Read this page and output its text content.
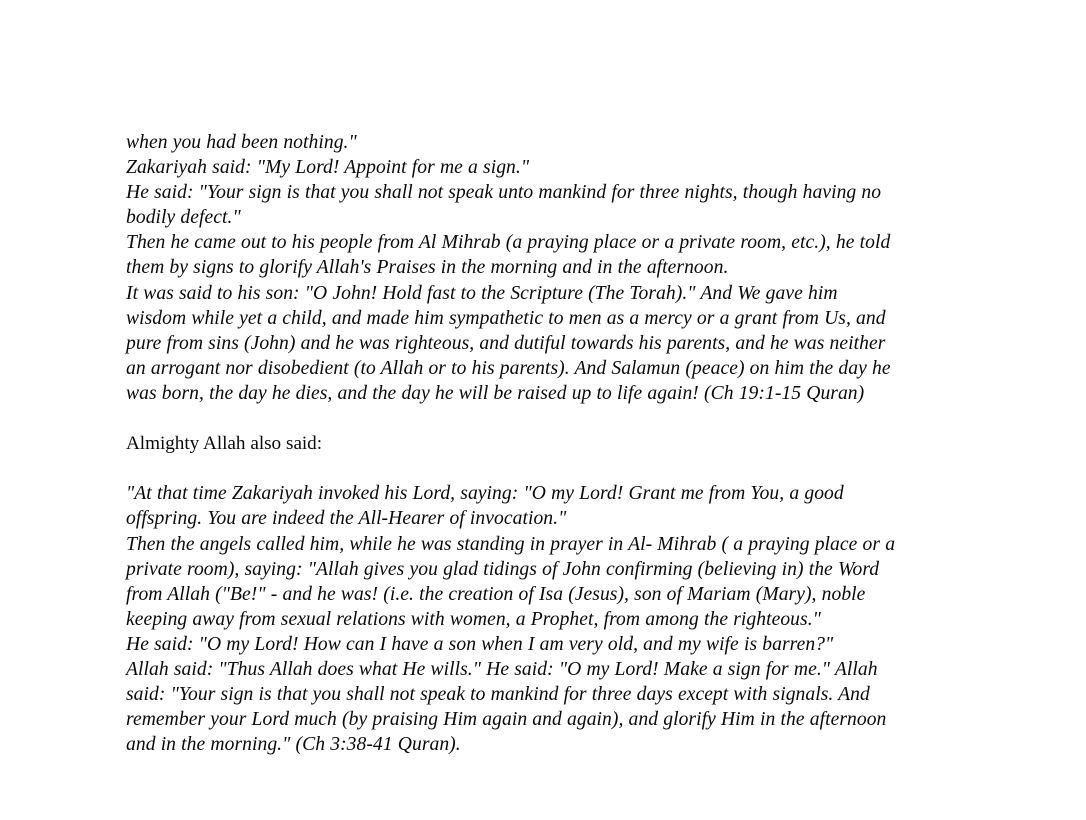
when you had been nothing."
Zakariyah said: "My Lord! Appoint for me a sign."
He said: "Your sign is that you shall not speak unto mankind for three nights, though having no
bodily defect."
Then he came out to his people from Al Mihrab (a praying place or a private room, etc.), he told
them by signs to glorify Allah's Praises in the morning and in the afternoon.
It was said to his son: "O John! Hold fast to the Scripture (The Torah)." And We gave him
wisdom while yet a child, and made him sympathetic to men as a mercy or a grant from Us, and
pure from sins (John) and he was righteous, and dutiful towards his parents, and he was neither
an arrogant nor disobedient (to Allah or to his parents). And Salamun (peace) on him the day he
was born, the day he dies, and the day he will be raised up to life again! (Ch 19:1-15 Quran)
Almighty Allah also said:
"At that time Zakariyah invoked his Lord, saying: "O my Lord! Grant me from You, a good
offspring. You are indeed the All-Hearer of invocation."
Then the angels called him, while he was standing in prayer in Al- Mihrab ( a praying place or a
private room), saying: "Allah gives you glad tidings of John confirming (believing in) the Word
from Allah ("Be!" - and he was! (i.e. the creation of Isa (Jesus), son of Mariam (Mary), noble
keeping away from sexual relations with women, a Prophet, from among the righteous."
He said: "O my Lord! How can I have a son when I am very old, and my wife is barren?"
Allah said: "Thus Allah does what He wills." He said: "O my Lord! Make a sign for me." Allah
said: "Your sign is that you shall not speak to mankind for three days except with signals. And
remember your Lord much (by praising Him again and again), and glorify Him in the afternoon
and in the morning." (Ch 3:38-41 Quran).
